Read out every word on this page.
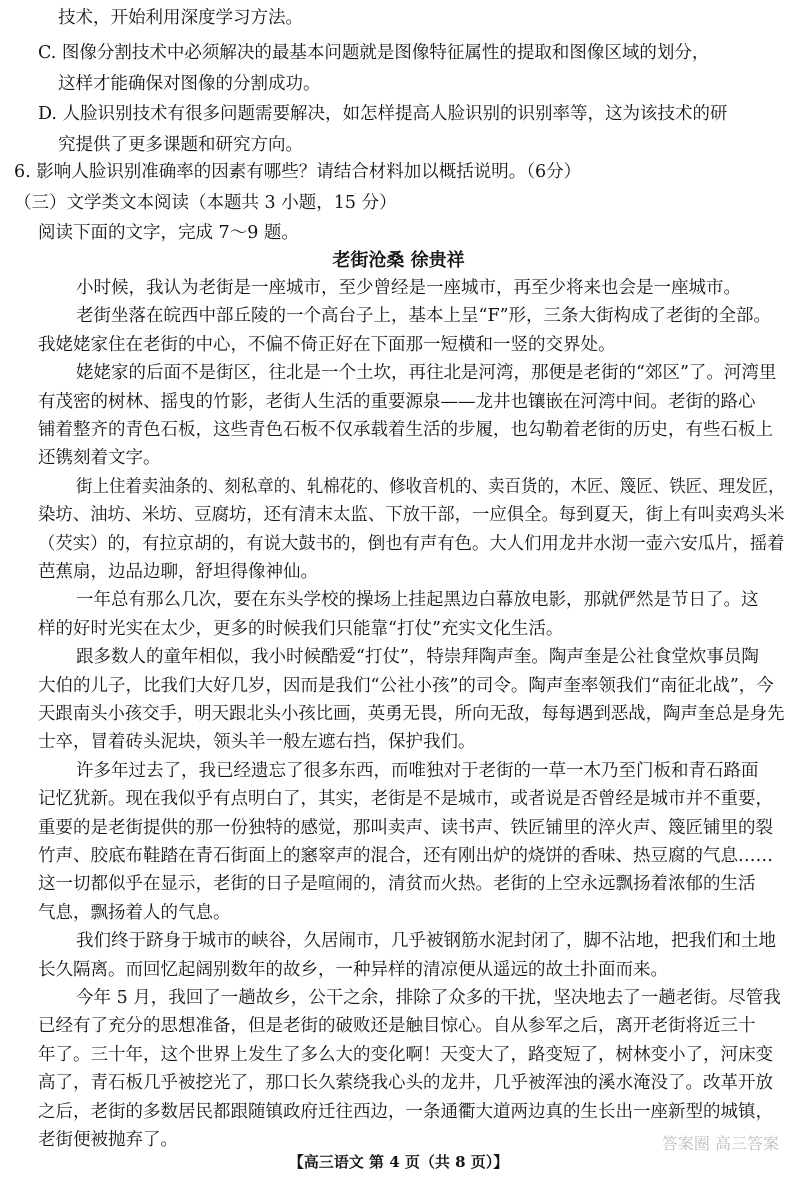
技术，开始利用深度学习方法。
C. 图像分割技术中必须解决的最基本问题就是图像特征属性的提取和图像区域的划分，
这样才能确保对图像的分割成功。
D. 人脸识别技术有很多问题需要解决，如怎样提高人脸识别的识别率等，这为该技术的研
究提供了更多课题和研究方向。
6. 影响人脸识别准确率的因素有哪些？请结合材料加以概括说明。（6分）
（三）文学类文本阅读（本题共 3 小题，15 分）
阅读下面的文字，完成 7～9 题。
老街沧桑 徐贵祥
小时候，我认为老街是一座城市，至少曾经是一座城市，再至少将来也会是一座城市。
老街坐落在皖西中部丘陵的一个高台子上，基本上呈“F”形，三条大街构成了老街的全部。
我姥姥家住在老街的中心，不偏不倚正好在下面那一短横和一竖的交界处。
姥姥家的后面不是街区，往北是一个土坎，再往北是河湾，那便是老街的“郊区”了。河湾里
有茂密的树林、摇曳的竹影，老街人生活的重要源泉——龙井也镶嵌在河湾中间。老街的路心
铺着整齐的青色石板，这些青色石板不仅承载着生活的步履，也勾勒着老街的历史，有些石板上
还镌刻着文字。
街上住着卖油条的、刻私章的、轧棉花的、修收音机的、卖百货的，木匠、篾匠、铁匠、理发匠，
染坊、油坊、米坊、豆腐坊，还有清末太监、下放干部，一应俱全。每到夏天，街上有叫卖鸡头米
（芡实）的，有拉京胡的，有说大鼓书的，倒也有声有色。大人们用龙井水沏一壶六安瓜片，摇着
芭蕉扇，边品边聊，舒坦得像神仙。
一年总有那么几次，要在东头学校的操场上挂起黑边白幕放电影，那就俨然是节日了。这
样的好时光实在太少，更多的时候我们只能靠“打仗”充实文化生活。
跟多数人的童年相似，我小时候酷爱“打仗”，特崇拜陶声奎。陶声奎是公社食堂炊事员陶
大伯的儿子，比我们大好几岁，因而是我们“公社小孩”的司令。陶声奎率领我们“南征北战”，今
天跟南头小孩交手，明天跟北头小孩比画，英勇无畏，所向无敌，每每遇到恶战，陶声奎总是身先
士卒，冒着砖头泥块，领头羊一般左遮右挡，保护我们。
许多年过去了，我已经遗忘了很多东西，而唯独对于老街的一草一木乃至门板和青石路面
记忆犹新。现在我似乎有点明白了，其实，老街是不是城市，或者说是否曾经是城市并不重要，
重要的是老街提供的那一份独特的感觉，那叫卖声、读书声、铁匠铺里的淬火声、篾匠铺里的裂
竹声、胶底布鞋踏在青石街面上的窸窣声的混合，还有刚出炉的烧饼的香味、热豆腐的气息……
这一切都似乎在显示，老街的日子是喧闹的，清贫而火热。老街的上空永远飘扬着浓郁的生活
气息，飘扬着人的气息。
我们终于跻身于城市的峡谷，久居闹市，几乎被钢筋水泥封闭了，脚不沾地，把我们和土地
长久隔离。而回忆起阔别数年的故乡，一种异样的清凉便从遥远的故土扑面而来。
今年 5 月，我回了一趟故乡，公干之余，排除了众多的干扰，坚决地去了一趟老街。尽管我
已经有了充分的思想准备，但是老街的破败还是触目惊心。自从参军之后，离开老街将近三十
年了。三十年，这个世界上发生了多么大的变化啊！天变大了，路变短了，树林变小了，河床变
【高三语文 第 4 页（共 8 页）】
答案圈 高三答案
高了，青石板几乎被挖光了，那口长久萦绕我心头的龙井，几乎被浑浊的溪水淹没了。改革开放
之后，老街的多数居民都跟随镇政府迁往西边，一条通衢大道两边真的生长出一座新型的城镇，
老街便被抛弃了。
